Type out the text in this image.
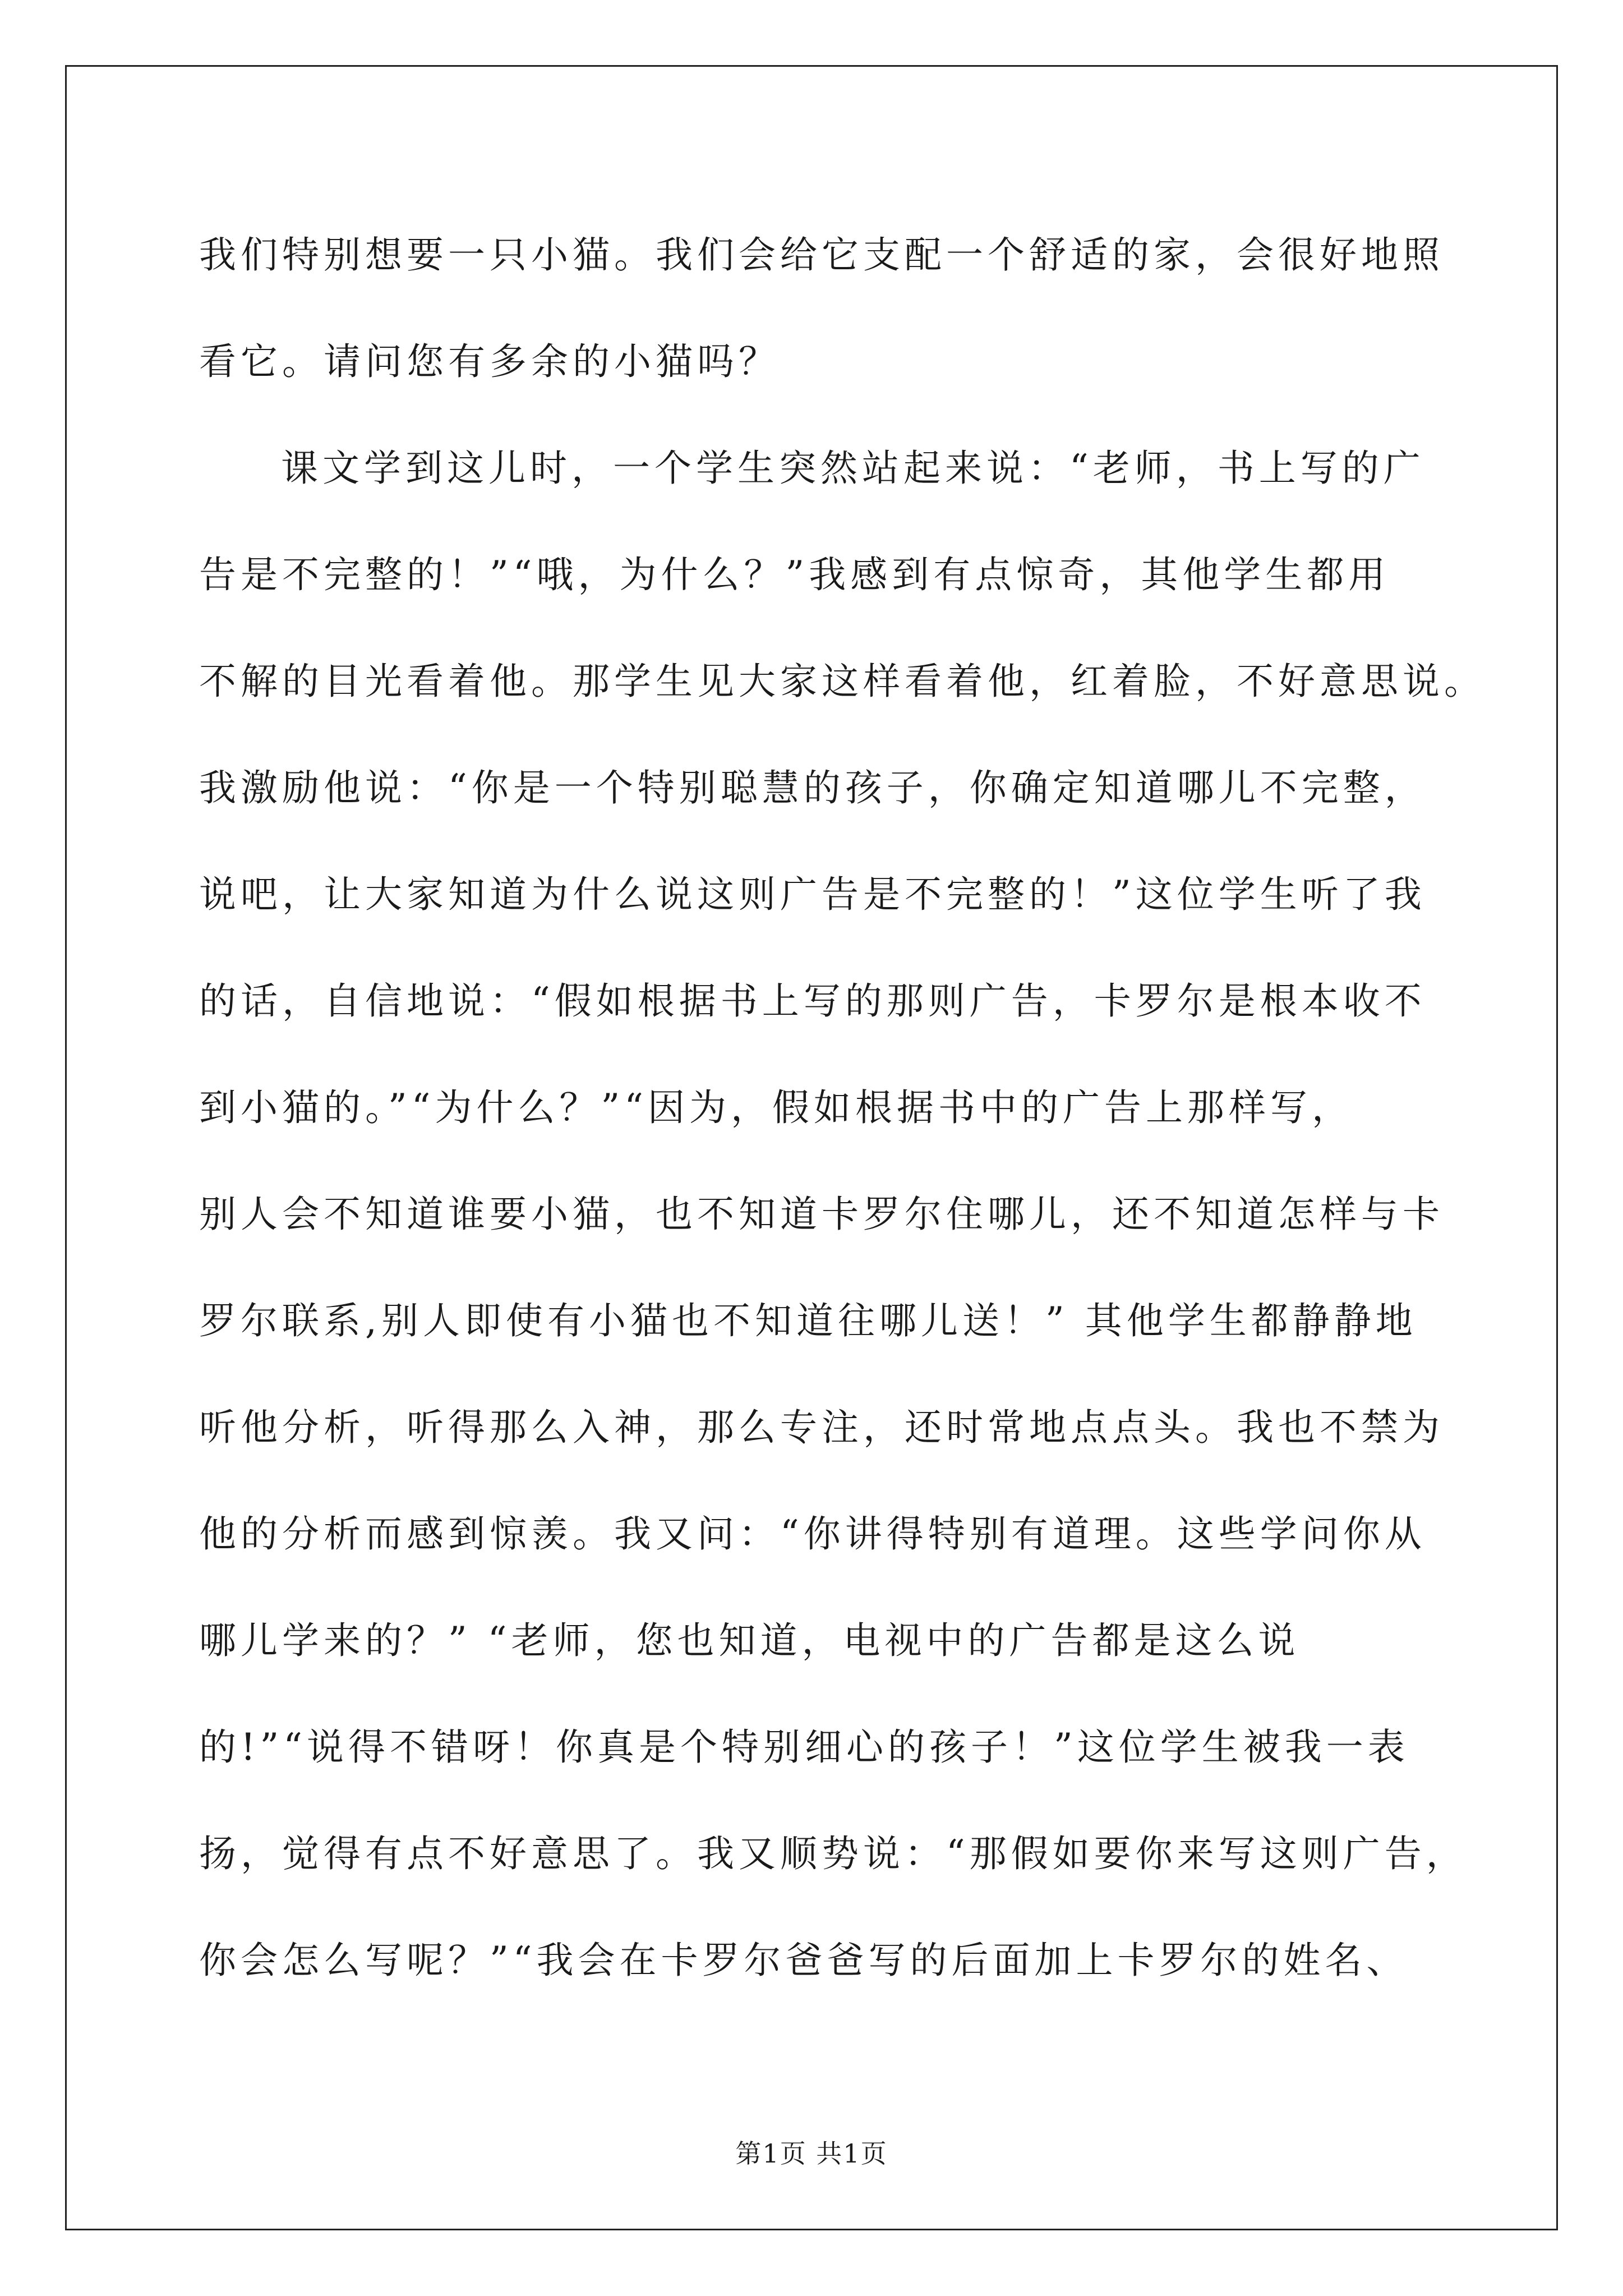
我们特别想要一只小猫。我们会给它支配一个舒适的家，会很好地照
看它。请问您有多余的小猫吗？
课文学到这儿时，一个学生突然站起来说：“老师，书上写的广
告是不完整的！”“哦，为什么？”我感到有点惊奇，其他学生都用
不解的目光看着他。那学生见大家这样看着他，红着脸，不好意思说。
我激励他说：“你是一个特别聪慧的孩子，你确定知道哪儿不完整，
说吧，让大家知道为什么说这则广告是不完整的！”这位学生听了我
的话，自信地说：“假如根据书上写的那则广告，卡罗尔是根本收不
到小猫的。”“为什么？”“因为，假如根据书中的广告上那样写，
别人会不知道谁要小猫，也不知道卡罗尔住哪儿，还不知道怎样与卡
罗尔联系,别人即使有小猫也不知道往哪儿送！” 其他学生都静静地
听他分析，听得那么入神，那么专注，还时常地点点头。我也不禁为
他的分析而感到惊羡。我又问：“你讲得特别有道理。这些学问你从
哪儿学来的？” “老师，您也知道，电视中的广告都是这么说
的!”“说得不错呀！你真是个特别细心的孩子！”这位学生被我一表
扬，觉得有点不好意思了。我又顺势说：“那假如要你来写这则广告，
你会怎么写呢？”“我会在卡罗尔爸爸写的后面加上卡罗尔的姓名、
第1页 共1页
